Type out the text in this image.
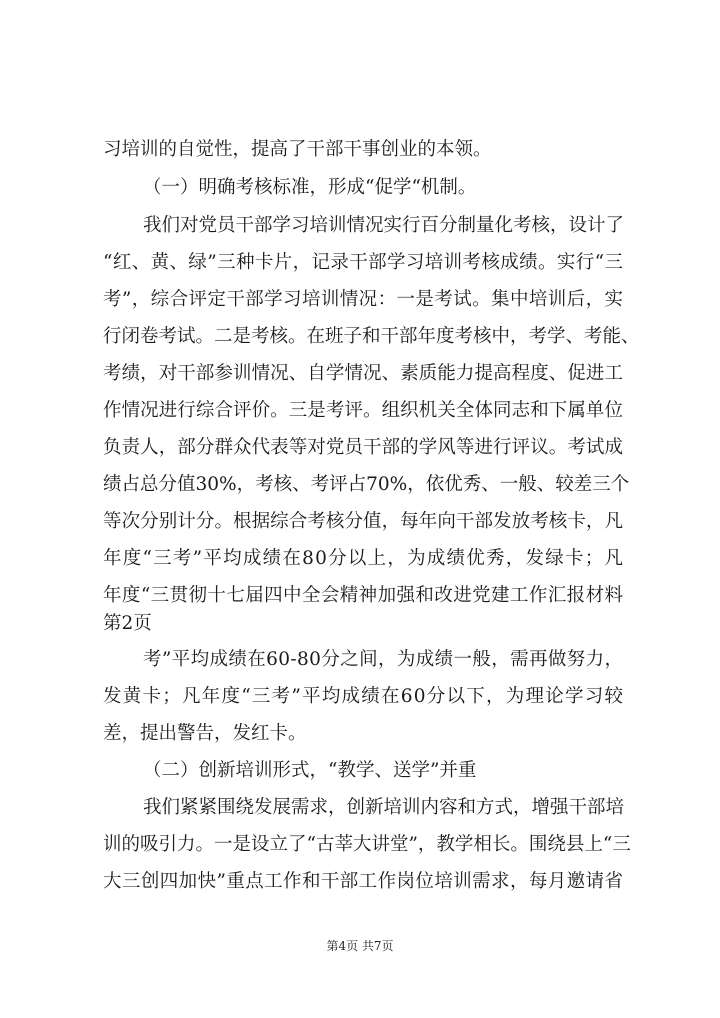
习培训的自觉性，提高了干部干事创业的本领。
（一）明确考核标准，形成“促学“机制。
我们对党员干部学习培训情况实行百分制量化考核，设计了
“红、黄、绿”三种卡片，记录干部学习培训考核成绩。实行“三
考”，综合评定干部学习培训情况：一是考试。集中培训后，实
行闭卷考试。二是考核。在班子和干部年度考核中，考学、考能、
考绩，对干部参训情况、自学情况、素质能力提高程度、促进工
作情况进行综合评价。三是考评。组织机关全体同志和下属单位
负责人，部分群众代表等对党员干部的学风等进行评议。考试成
绩占总分值30%，考核、考评占70%，依优秀、一般、较差三个
等次分别计分。根据综合考核分值，每年向干部发放考核卡，凡
年度“三考”平均成绩在80分以上，为成绩优秀，发绿卡；凡
年度“三贯彻十七届四中全会精神加强和改进党建工作汇报材料
第2页
考”平均成绩在60-80分之间，为成绩一般，需再做努力，
发黄卡；凡年度“三考”平均成绩在60分以下，为理论学习较
差，提出警告，发红卡。
（二）创新培训形式，“教学、送学”并重
我们紧紧围绕发展需求，创新培训内容和方式，增强干部培
训的吸引力。一是设立了“古莘大讲堂”，教学相长。围绕县上“三
大三创四加快”重点工作和干部工作岗位培训需求，每月邀请省
第4页 共7页
